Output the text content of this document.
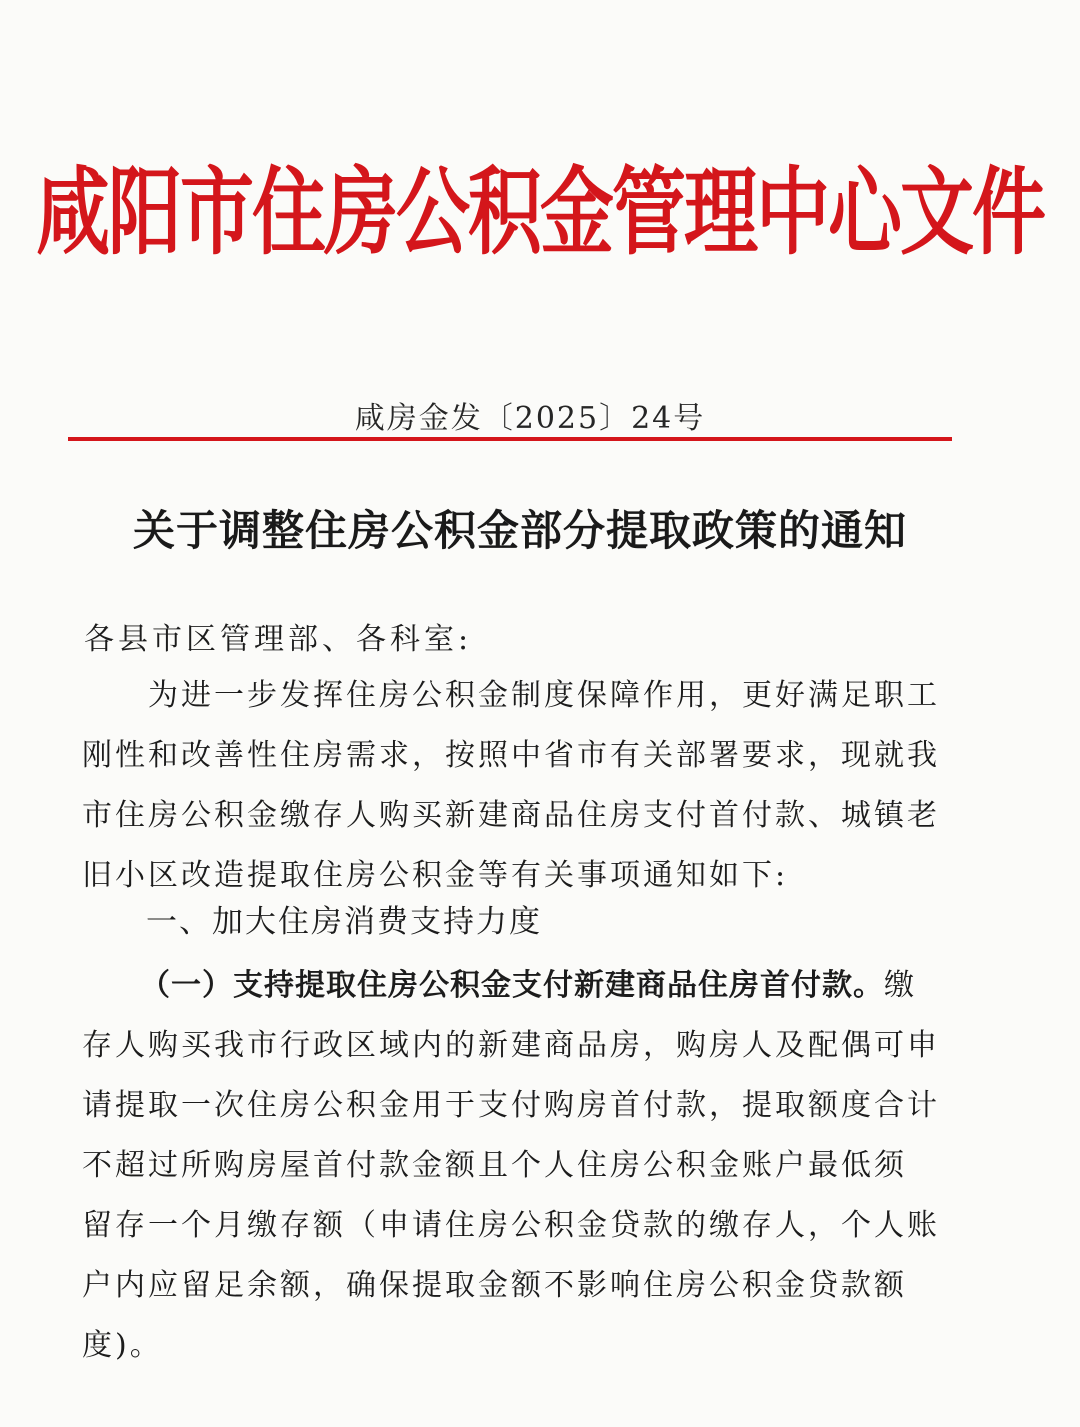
咸阳市住房公积金管理中心文件
咸房金发〔2025〕24号
关于调整住房公积金部分提取政策的通知
各县市区管理部、各科室:
　　为进一步发挥住房公积金制度保障作用，更好满足职工
刚性和改善性住房需求，按照中省市有关部署要求，现就我
市住房公积金缴存人购买新建商品住房支付首付款、城镇老
旧小区改造提取住房公积金等有关事项通知如下:
一、加大住房消费支持力度
（一）支持提取住房公积金支付新建商品住房首付款。缴
存人购买我市行政区域内的新建商品房，购房人及配偶可申
请提取一次住房公积金用于支付购房首付款，提取额度合计
不超过所购房屋首付款金额且个人住房公积金账户最低须
留存一个月缴存额（申请住房公积金贷款的缴存人，个人账
户内应留足余额，确保提取金额不影响住房公积金贷款额
度)。
